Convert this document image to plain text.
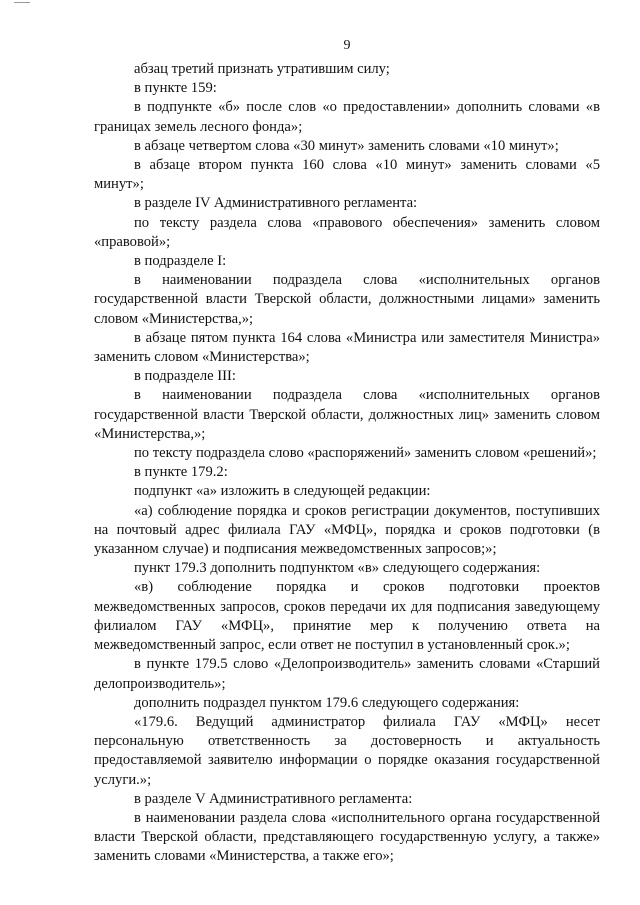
9

абзац третий признать утратившим силу;

в пункте 159:

в подпункте «б» после слов «о предоставлении» дополнить словами «в границах земель лесного фонда»;

в абзаце четвертом слова «30 минут» заменить словами «10 минут»;

в абзаце втором пункта 160 слова «10 минут» заменить словами «5 минут»;

в разделе IV Административного регламента:

по тексту раздела слова «правового обеспечения» заменить словом «правовой»;

в подразделе I:

в наименовании подраздела слова «исполнительных органов государственной власти Тверской области, должностными лицами» заменить словом «Министерства,»;

в абзаце пятом пункта 164 слова «Министра или заместителя Министра» заменить словом «Министерства»;

в подразделе III:

в наименовании подраздела слова «исполнительных органов государственной власти Тверской области, должностных лиц» заменить словом «Министерства,»;

по тексту подраздела слово «распоряжений» заменить словом «решений»;

в пункте 179.2:

подпункт «а» изложить в следующей редакции:

«а) соблюдение порядка и сроков регистрации документов, поступивших на почтовый адрес филиала ГАУ «МФЦ», порядка и сроков подготовки (в указанном случае) и подписания межведомственных запросов;»;

пункт 179.3 дополнить подпунктом «в» следующего содержания:

«в) соблюдение порядка и сроков подготовки проектов межведомственных запросов, сроков передачи их для подписания заведующему филиалом ГАУ «МФЦ», принятие мер к получению ответа на межведомственный запрос, если ответ не поступил в установленный срок.»;

в пункте 179.5 слово «Делопроизводитель» заменить словами «Старший делопроизводитель»;

дополнить подраздел пунктом 179.6 следующего содержания:

«179.6. Ведущий администратор филиала ГАУ «МФЦ» несет персональную ответственность за достоверность и актуальность предоставляемой заявителю информации о порядке оказания государственной услуги.»;

в разделе V Административного регламента:

в наименовании раздела слова «исполнительного органа государственной власти Тверской области, представляющего государственную услугу, а также» заменить словами «Министерства, а также его»;
